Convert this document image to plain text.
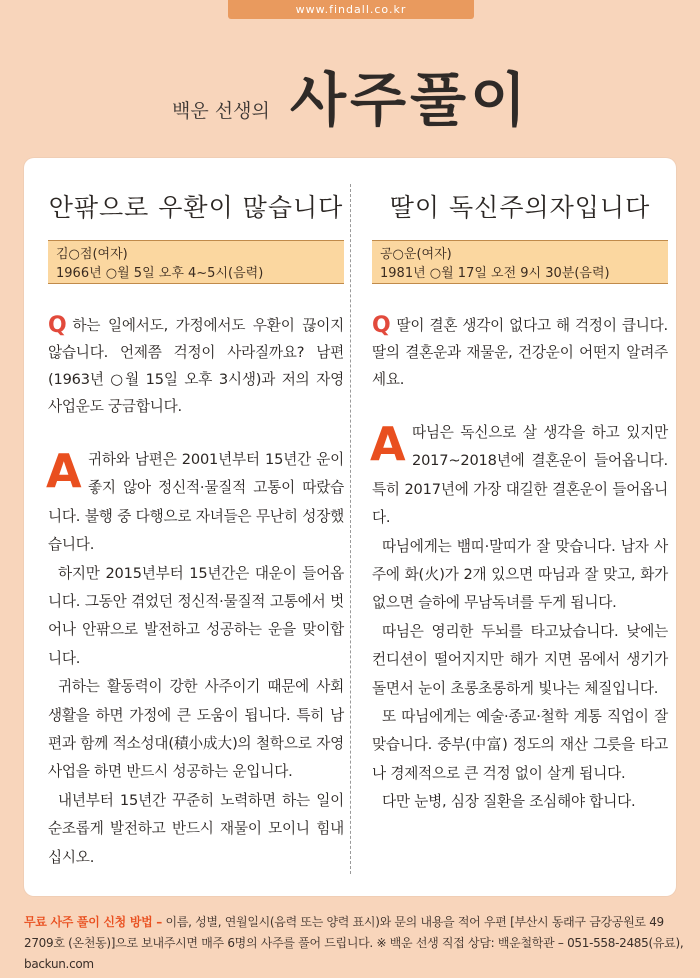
www.findall.co.kr
백운 선생의 사주풀이
안팎으로 우환이 많습니다
김○점(여자)
1966년 ○월 5일 오후 4~5시(음력)
Q하는 일에서도, 가정에서도 우환이 끊이지 않습니다. 언제쯤 걱정이 사라질까요? 남편(1963년 ○월 15일 오후 3시생)과 저의 자영 사업운도 궁금합니다.
A 귀하와 남편은 2001년부터 15년간 운이 좋지 않아 정신적·물질적 고통이 따랐습니다. 불행 중 다행으로 자녀들은 무난히 성장했습니다.

하지만 2015년부터 15년간은 대운이 들어옵니다. 그동안 겪었던 정신적·물질적 고통에서 벗어나 안팎으로 발전하고 성공하는 운을 맞이합니다.

귀하는 활동력이 강한 사주이기 때문에 사회생활을 하면 가정에 큰 도움이 됩니다. 특히 남편과 함께 적소성대(積小成大)의 철학으로 자영 사업을 하면 반드시 성공하는 운입니다.

내년부터 15년간 꾸준히 노력하면 하는 일이 순조롭게 발전하고 반드시 재물이 모이니 힘내십시오.

딸이 독신주의자입니다
공○운(여자)
1981년 ○월 17일 오전 9시 30분(음력)
Q딸이 결혼 생각이 없다고 해 걱정이 큽니다. 딸의 결혼운과 재물운, 건강운이 어떤지 알려주세요.
A 따님은 독신으로 살 생각을 하고 있지만 2017~2018년에 결혼운이 들어옵니다. 특히 2017년에 가장 대길한 결혼운이 들어옵니다.

따님에게는 뱀띠·말띠가 잘 맞습니다. 남자 사주에 화(火)가 2개 있으면 따님과 잘 맞고, 화가 없으면 슬하에 무남독녀를 두게 됩니다.

따님은 영리한 두뇌를 타고났습니다. 낮에는 컨디션이 떨어지지만 해가 지면 몸에서 생기가 돌면서 눈이 초롱초롱하게 빛나는 체질입니다.

또 따님에게는 예술·종교·철학 계통 직업이 잘 맞습니다. 중부(中富) 정도의 재산 그릇을 타고나 경제적으로 큰 걱정 없이 살게 됩니다.

다만 눈병, 심장 질환을 조심해야 합니다.

무료 사주 풀이 신청 방법 – 이름, 성별, 연월일시(음력 또는 양력 표시)와 문의 내용을 적어 우편 [부산시 동래구 금강공원로 49 2709호 (온천동)]으로 보내주시면 매주 6명의 사주를 풀어 드립니다. ※ 백운 선생 직접 상담: 백운철학관 – 051-558-2485(유료), backun.com
